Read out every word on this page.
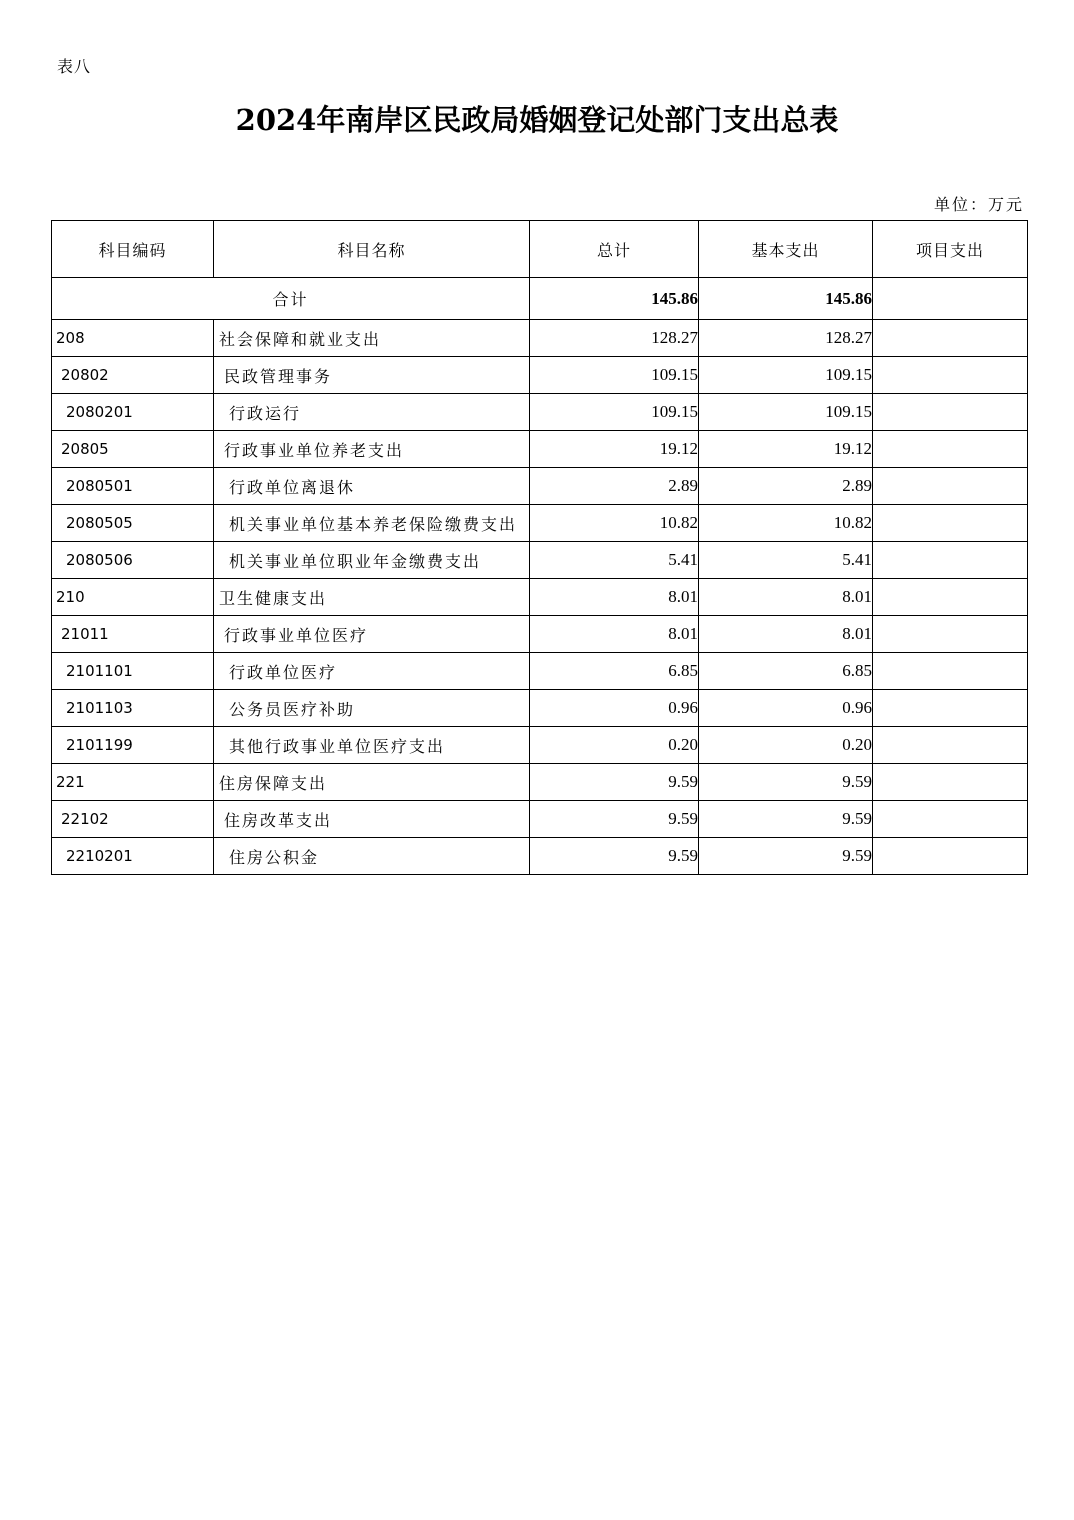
表八
2024年南岸区民政局婚姻登记处部门支出总表
单位：万元
科目编码	科目名称	总计	基本支出	项目支出
合计		145.86	145.86	
208	社会保障和就业支出	128.27	128.27	
20802	民政管理事务	109.15	109.15	
2080201	行政运行	109.15	109.15	
20805	行政事业单位养老支出	19.12	19.12	
2080501	行政单位离退休	2.89	2.89	
2080505	机关事业单位基本养老保险缴费支出	10.82	10.82	
2080506	机关事业单位职业年金缴费支出	5.41	5.41	
210	卫生健康支出	8.01	8.01	
21011	行政事业单位医疗	8.01	8.01	
2101101	行政单位医疗	6.85	6.85	
2101103	公务员医疗补助	0.96	0.96	
2101199	其他行政事业单位医疗支出	0.20	0.20	
221	住房保障支出	9.59	9.59	
22102	住房改革支出	9.59	9.59	
2210201	住房公积金	9.59	9.59	
